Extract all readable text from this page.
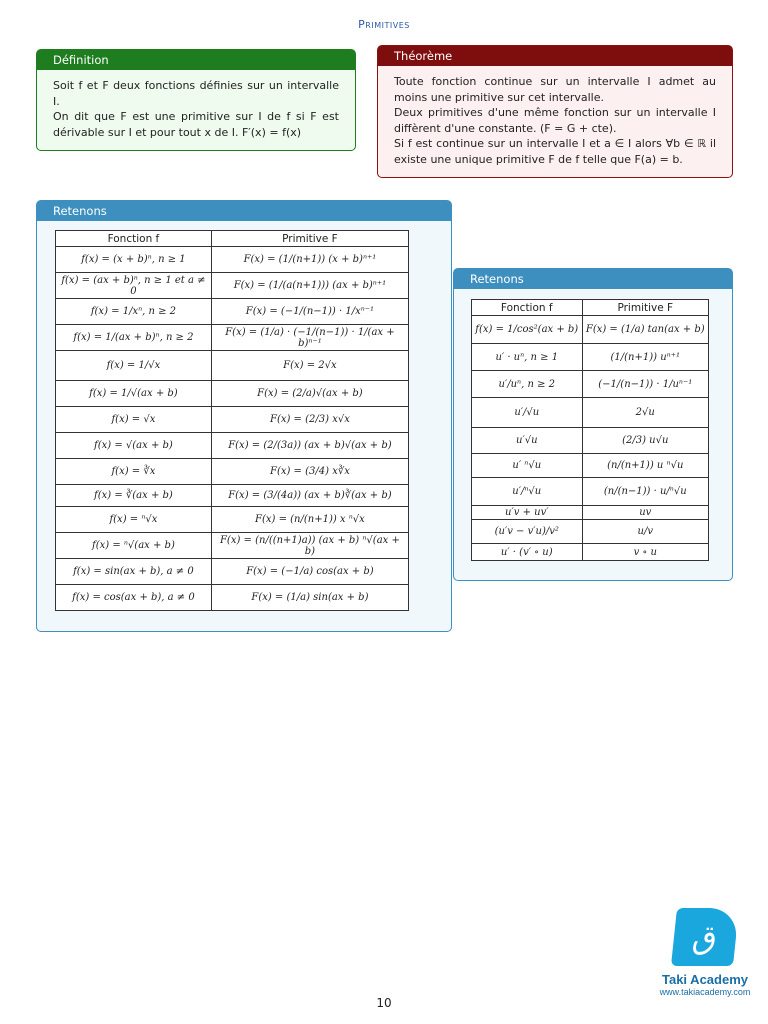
Primitives
Définition

Soit f et F deux fonctions définies sur un intervalle I.

On dit que F est une primitive sur I de f si F est dérivable sur I et pour tout x de I. F′(x) = f(x)

Théorème

Toute fonction continue sur un intervalle I admet au moins une primitive sur cet intervalle.

Deux primitives d'une même fonction sur un intervalle I diffèrent d'une constante. (F = G + cte).

Si f est continue sur un intervalle I et a ∈ I alors ∀b ∈ ℝ il existe une unique primitive F de f telle que F(a) = b.

Retenons
Fonction f	Primitive F
f(x) = (x + b)ⁿ, n ≥ 1	F(x) = (1/(n+1)) (x + b)ⁿ⁺¹
f(x) = (ax + b)ⁿ, n ≥ 1 et a ≠ 0	F(x) = (1/(a(n+1))) (ax + b)ⁿ⁺¹
f(x) = 1/xⁿ, n ≥ 2	F(x) = (−1/(n−1)) · 1/xⁿ⁻¹
f(x) = 1/(ax + b)ⁿ, n ≥ 2	F(x) = (1/a) · (−1/(n−1)) · 1/(ax + b)ⁿ⁻¹
f(x) = 1/√x	F(x) = 2√x
f(x) = 1/√(ax + b)	F(x) = (2/a)√(ax + b)
f(x) = √x	F(x) = (2/3) x√x
f(x) = √(ax + b)	F(x) = (2/(3a)) (ax + b)√(ax + b)
f(x) = ∛x	F(x) = (3/4) x∛x
f(x) = ∛(ax + b)	F(x) = (3/(4a)) (ax + b)∛(ax + b)
f(x) = ⁿ√x	F(x) = (n/(n+1)) x ⁿ√x
f(x) = ⁿ√(ax + b)	F(x) = (n/((n+1)a)) (ax + b) ⁿ√(ax + b)
f(x) = sin(ax + b), a ≠ 0	F(x) = (−1/a) cos(ax + b)
f(x) = cos(ax + b), a ≠ 0	F(x) = (1/a) sin(ax + b)
Retenons
Fonction f	Primitive F
f(x) = 1/cos²(ax + b)	F(x) = (1/a) tan(ax + b)
u′ · uⁿ, n ≥ 1	(1/(n+1)) uⁿ⁺¹
u′/uⁿ, n ≥ 2	(−1/(n−1)) · 1/uⁿ⁻¹
u′/√u	2√u
u′√u	(2/3) u√u
u′ ⁿ√u	(n/(n+1)) u ⁿ√u
u′/ⁿ√u	(n/(n−1)) · u/ⁿ√u
u′v + uv′	uv
(u′v − v′u)/v²	u/v
u′ · (v′ ∘ u)	v ∘ u
10
ق
Taki Academy
www.takiacademy.com
